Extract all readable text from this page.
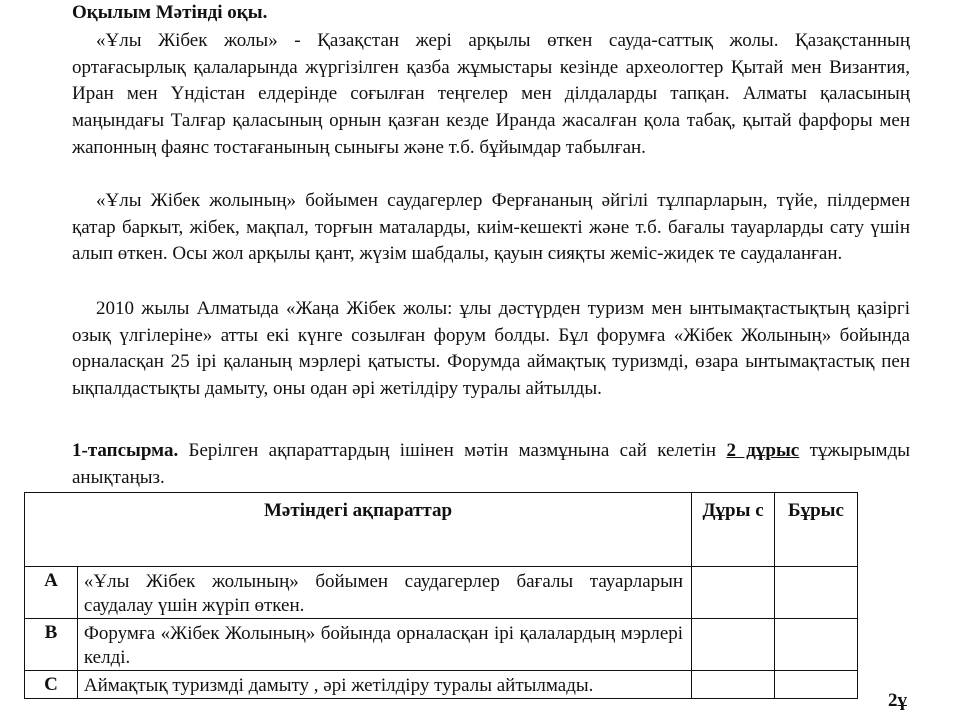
Оқылым Мәтінді оқы.

«Ұлы Жібек жолы» - Қазақстан жері арқылы өткен сауда-саттық жолы. Қазақстанның ортағасырлық қалаларында жүргізілген қазба жұмыстары кезінде археологтер Қытай мен Византия, Иран мен Үндістан елдерінде соғылған теңгелер мен ділдаларды тапқан. Алматы қаласының маңындағы Талғар қаласының орнын қазған кезде Иранда жасалған қола табақ, қытай фарфоры мен жапонның фаянс тостағанының сынығы және т.б. бұйымдар табылған.

«Ұлы Жібек жолының» бойымен саудагерлер Ферғананың әйгілі тұлпарларын, түйе, пілдермен қатар баркыт, жібек, мақпал, торғын маталарды, киім-кешекті және т.б. бағалы тауарларды сату үшін алып өткен. Осы жол арқылы қант, жүзім шабдалы, қауын сияқты жеміс-жидек те саудаланған.

2010 жылы Алматыда «Жаңа Жібек жолы: ұлы дәстүрден туризм мен ынтымақтастықтың қазіргі озық үлгілеріне» атты екі күнге созылған форум болды. Бұл форумға «Жібек Жолының» бойында орналасқан 25 ірі қаланың мэрлері қатысты. Форумда аймақтық туризмді, өзара ынтымақтастық пен ықпалдастықты дамыту, оны одан әрі жетілдіру туралы айтылды.

1-тапсырма. Берілген ақпараттардың ішінен мәтін мазмұнына сай келетін 2 дұрыс тұжырымды анықтаңыз.

Мәтіндегі ақпараттар		Дұры с	Бұрыс
А	«Ұлы Жібек жолының» бойымен саудагерлер бағалы тауарларын саудалау үшін жүріп өткен.		
В	Форумға «Жібек Жолының» бойында орналасқан ірі қалалардың мэрлері келді.		
С	Аймақтық туризмді дамыту , әрі жетілдіру туралы айтылмады.		
2ұ
